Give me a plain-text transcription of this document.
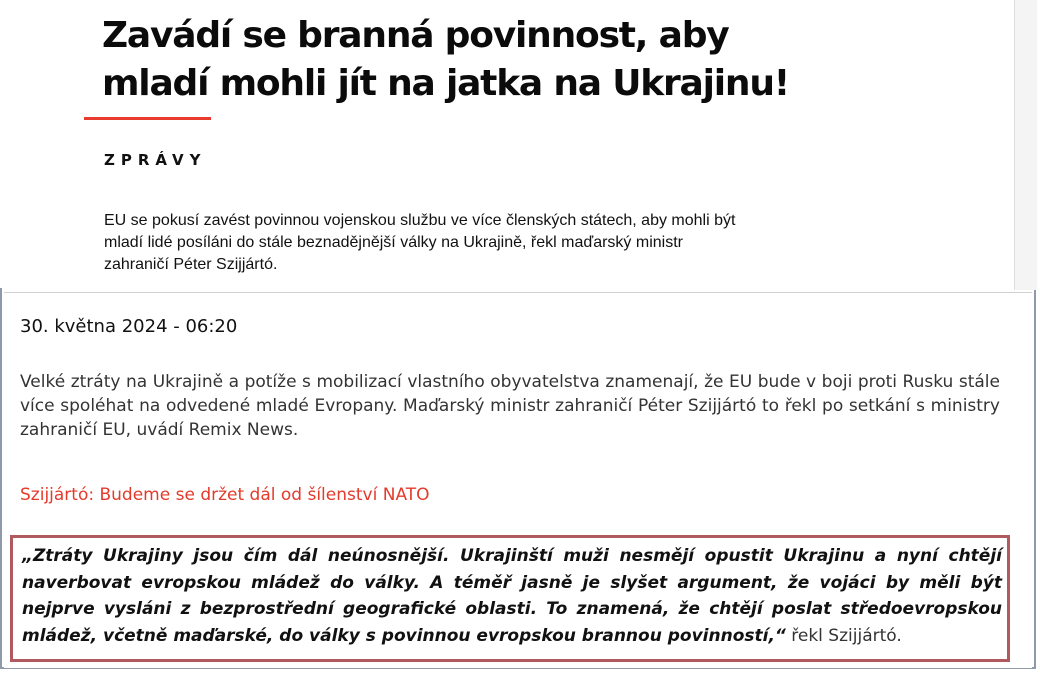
Zavádí se branná povinnost, aby
mladí mohli jít na jatka na Ukrajinu!

ZPRÁVY

EU se pokusí zavést povinnou vojenskou službu ve více členských státech, aby mohli být
mladí lidé posíláni do stále beznadějnější války na Ukrajině, řekl maďarský ministr
zahraničí Péter Szijjártó.

30. května 2024 - 06:20

Velké ztráty na Ukrajině a potíže s mobilizací vlastního obyvatelstva znamenají, že EU bude v boji proti Rusku stále více spoléhat na odvedené mladé Evropany. Maďarský ministr zahraničí Péter Szijjártó to řekl po setkání s ministry zahraničí EU, uvádí Remix News.

Szijjártó: Budeme se držet dál od šílenství NATO

„Ztráty Ukrajiny jsou čím dál neúnosnější. Ukrajinští muži nesmějí opustit Ukrajinu a nyní chtějí naverbovat evropskou mládež do války. A téměř jasně je slyšet argument, že vojáci by měli být nejprve vysláni z bezprostřední geografické oblasti. To znamená, že chtějí poslat středoevropskou mládež, včetně maďarské, do války s povinnou evropskou brannou povinností,“ řekl Szijjártó.
